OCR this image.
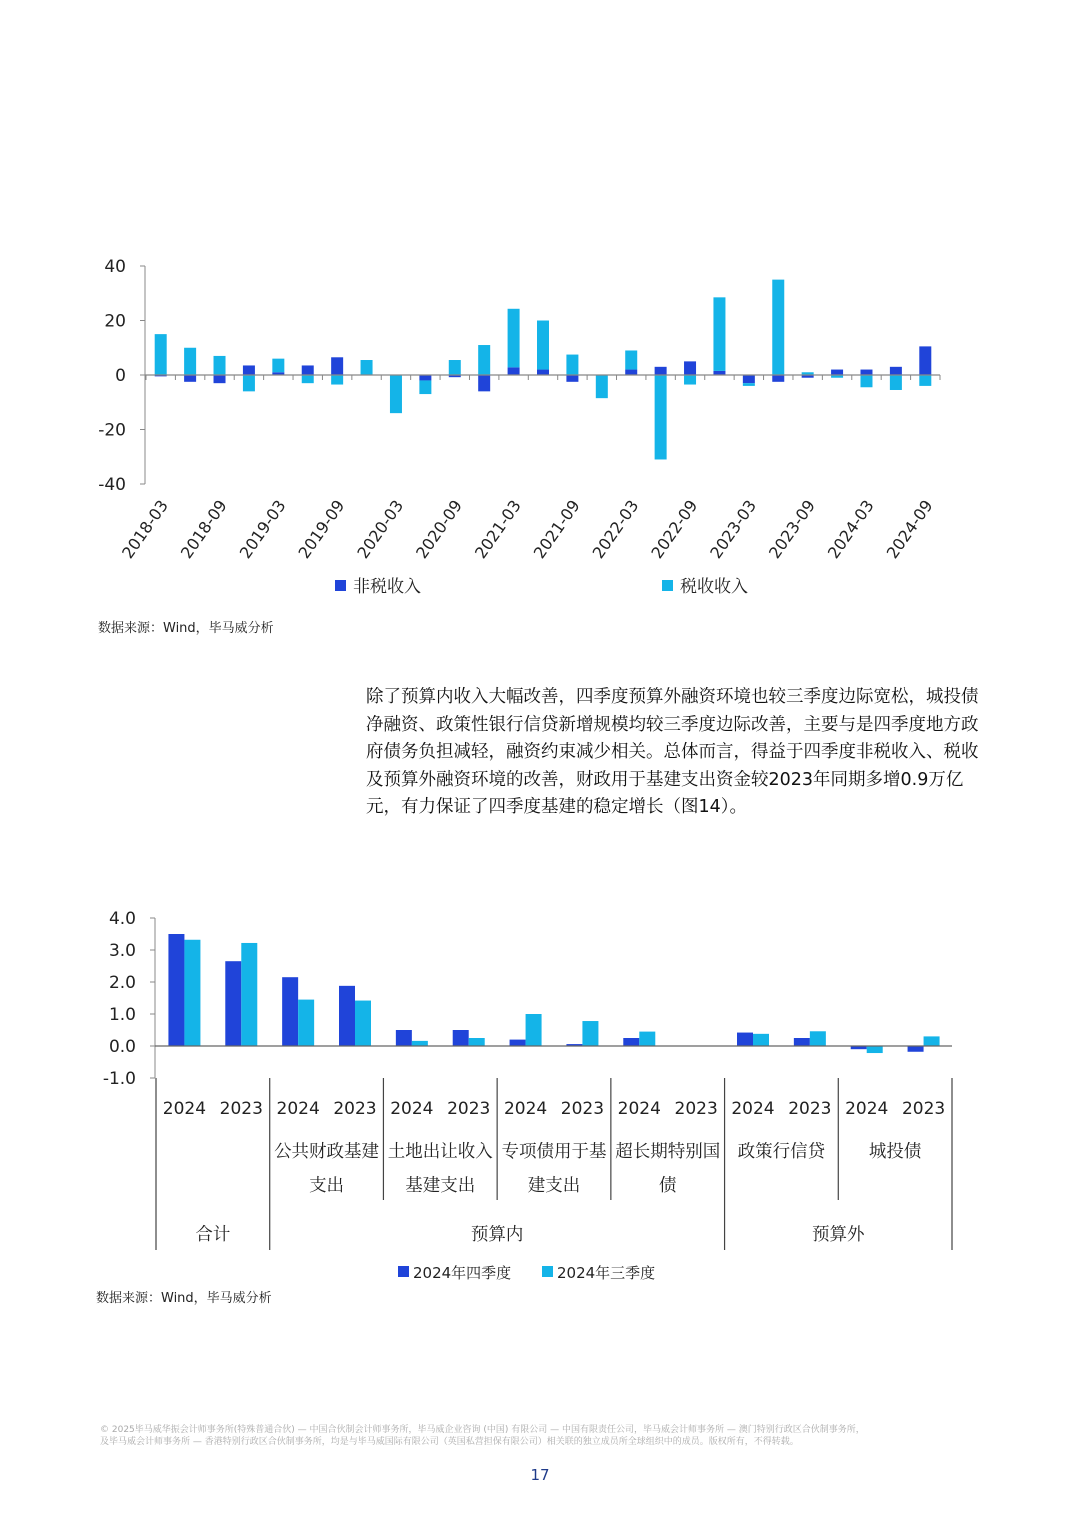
40
20
0
-20
-40
2018-03 2018-09 2019-03 2019-09 2020-03 2020-09 2021-03 2021-09 2022-03 2022-09 2023-03 2023-09 2024-03 2024-09
非税收入	税收收入
数据来源：Wind，毕马威分析
除了预算内收入大幅改善，四季度预算外融资环境也较三季度边际宽松，城投债
净融资、政策性银行信贷新增规模均较三季度边际改善，主要与是四季度地方政
府债务负担减轻，融资约束减少相关。总体而言，得益于四季度非税收入、税收
及预算外融资环境的改善，财政用于基建支出资金较2023年同期多增0.9万亿
元，有力保证了四季度基建的稳定增长（图14）。
4.0
3.0
2.0
1.0
0.0
-1.0
2024 2023 2024 2023 2024 2023 2024 2023 2024 2023 2024 2023 2024 2023
公共财政基建
支出
土地出让收入
基建支出
专项债用于基
建支出
超长期特别国
债
政策行信贷 城投债
合计	预算内	预算外
2024年四季度	2024年三季度
数据来源：Wind，毕马威分析
© 2025毕马威华振会计师事务所(特殊普通合伙) — 中国合伙制会计师事务所，毕马威企业咨询 (中国) 有限公司 — 中国有限责任公司，毕马威会计师事务所 — 澳门特别行政区合伙制事务所，
及毕马威会计师事务所 — 香港特别行政区合伙制事务所，均是与毕马威国际有限公司（英国私营担保有限公司）相关联的独立成员所全球组织中的成员。版权所有，不得转载。
17
